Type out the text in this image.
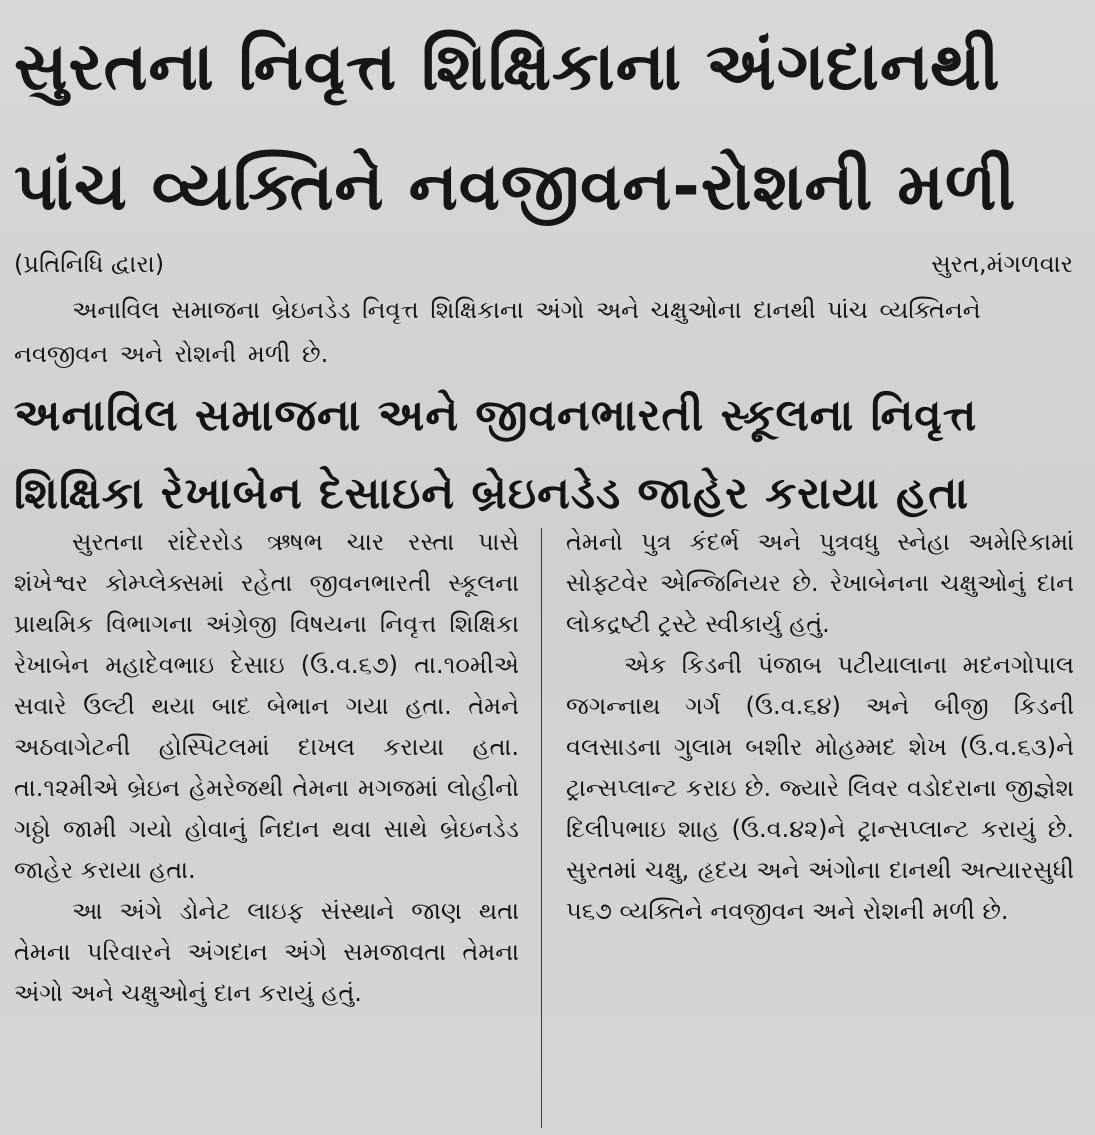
સુરતના નિવૃત્ત શિક્ષિકાના અંગદાનથી
પાંચ વ્યક્તિને નવજીવન-રોશની મળી
(પ્રતિનિધિ દ્વારા)	સુરત,મંગળવાર
અનાવિલ સમાજના બ્રેઇનડેડ નિવૃત્ત શિક્ષિકાના અંગો અને ચક્ષુઓના દાનથી પાંચ વ્યક્તિનને નવજીવન અને રોશની મળી છે.
અનાવિલ સમાજના અને જીવનભારતી સ્કૂલના નિવૃત્ત
શિક્ષિકા રેખાબેન દેસાઇને બ્રેઇનડેડ જાહેર કરાયા હતા

સુરતના રાંદેરરોડ ઋષભ ચાર રસ્તા પાસે શંખેશ્વર કોમ્પ્લેક્સમાં રહેતા જીવનભારતી સ્કૂલના પ્રાથમિક વિભાગના અંગ્રેજી વિષયના નિવૃત્ત શિક્ષિકા રેખાબેન મહાદેવભાઇ દેસાઇ (ઉ.વ.૬૭) તા.૧૦મીએ સવારે ઉલ્ટી થયા બાદ બેભાન ગયા હતા. તેમને અઠવાગેટની હોસ્પિટલમાં દાખલ કરાયા હતા. તા.૧૨મીએ બ્રેઇન હેમરેજથી તેમના મગજમાં લોહીનો ગઠ્ઠો જામી ગયો હોવાનું નિદાન થવા સાથે બ્રેઇનડેડ જાહેર કરાયા હતા.

આ અંગે ડોનેટ લાઇફ સંસ્થાને જાણ થતા તેમના પરિવારને અંગદાન અંગે સમજાવતા તેમના અંગો અને ચક્ષુઓનું દાન કરાયું હતું.

તેમનો પુત્ર કંદર્ભ અને પુત્રવધુ સ્નેહા અમેરિકામાં સોફ્ટવેર એન્જિનિયર છે. રેખાબેનના ચક્ષુઓનું દાન લોકદ્રષ્ટી ટ્રસ્ટે સ્વીકાર્યુ હતું.

એક કિડની પંજાબ પટીયાલાના મદનગોપાલ જગન્નાથ ગર્ગ (ઉ.વ.૬૪) અને બીજી કિડની વલસાડના ગુલામ બશીર મોહમ્મદ શેખ (ઉ.વ.૬૩)ને ટ્રાન્સપ્લાન્ટ કરાઇ છે. જ્યારે લિવર વડોદરાના જીજ્ઞેશ દિલીપભાઇ શાહ (ઉ.વ.૪૨)ને ટ્રાન્સપ્લાન્ટ કરાયું છે. સુરતમાં ચક્ષુ, હૃદય અને અંગોના દાનથી અત્યારસુધી ૫૬૭ વ્યક્તિને નવજીવન અને રોશની મળી છે.
